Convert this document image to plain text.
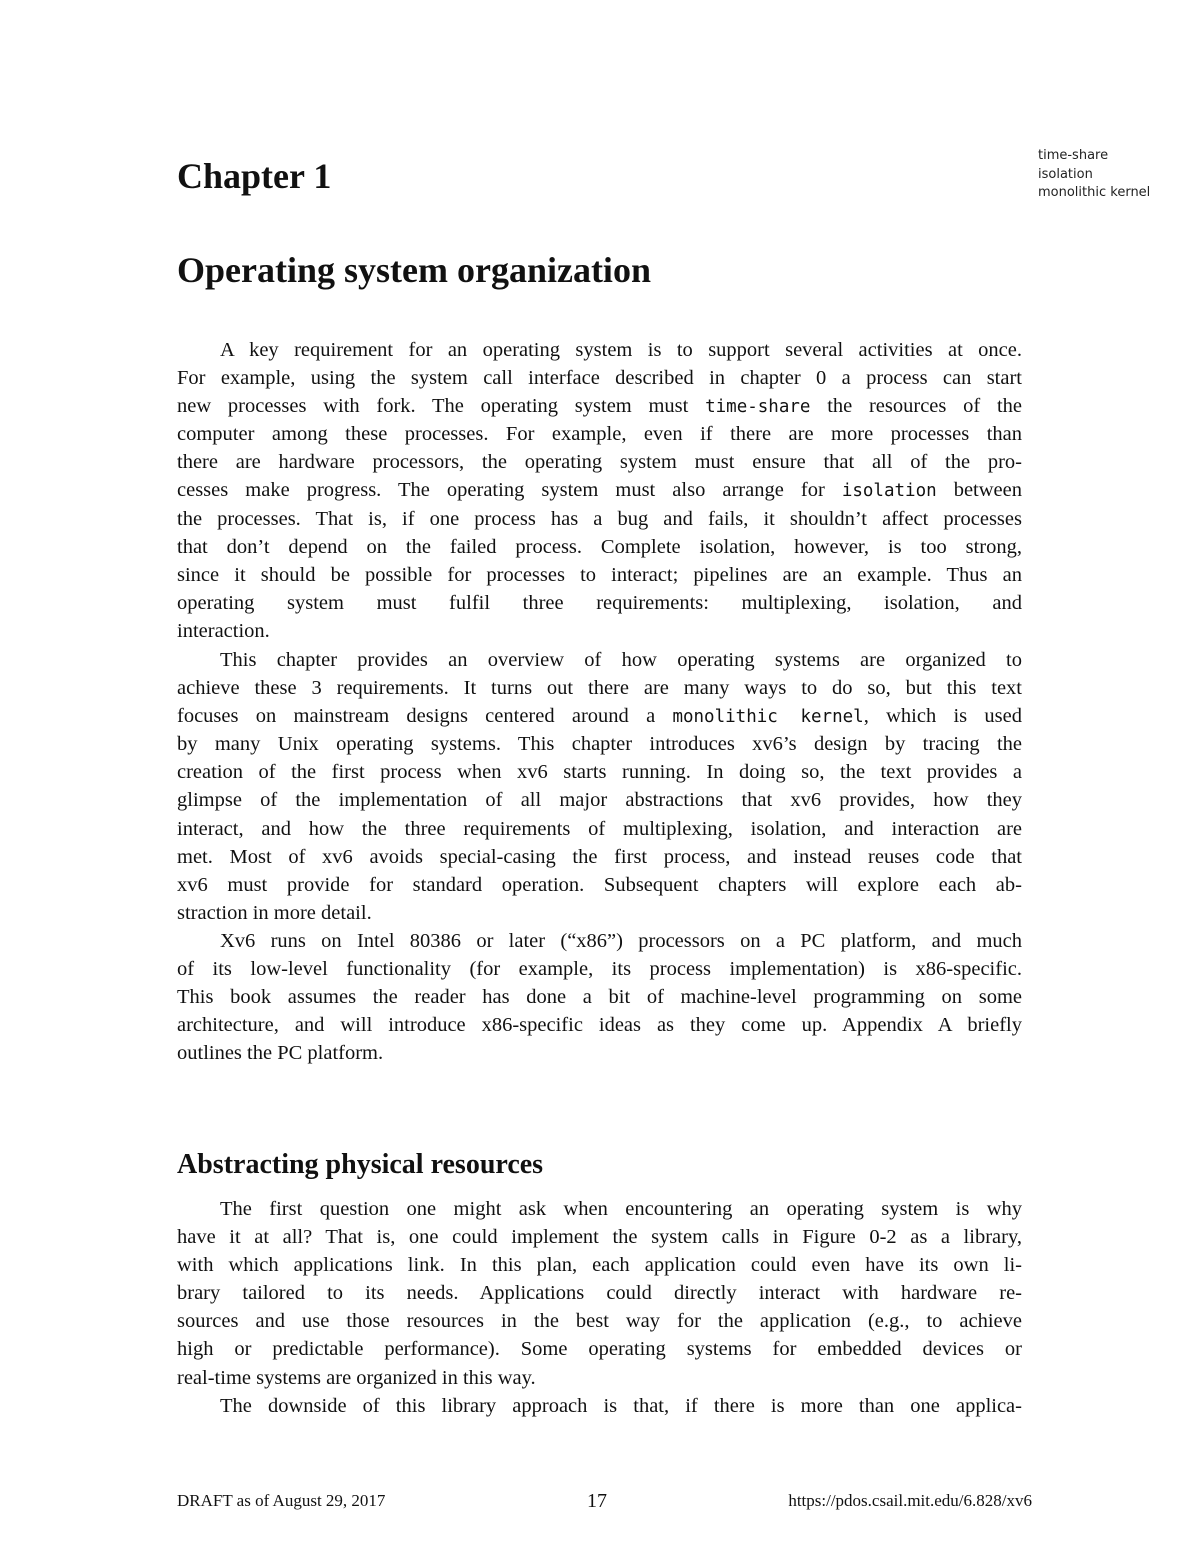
Chapter 1
Operating system organization
time-share
isolation
monolithic kernel
A key requirement for an operating system is to support several activities at once.
For example, using the system call interface described in chapter 0 a process can start
new processes with fork. The operating system must time-share the resources of the
computer among these processes. For example, even if there are more processes than
there are hardware processors, the operating system must ensure that all of the pro-
cesses make progress. The operating system must also arrange for isolation between
the processes. That is, if one process has a bug and fails, it shouldn’t affect processes
that don’t depend on the failed process. Complete isolation, however, is too strong,
since it should be possible for processes to interact; pipelines are an example. Thus an
operating system must fulfil three requirements: multiplexing, isolation, and
interaction.
This chapter provides an overview of how operating systems are organized to
achieve these 3 requirements. It turns out there are many ways to do so, but this text
focuses on mainstream designs centered around a monolithic kernel, which is used
by many Unix operating systems. This chapter introduces xv6’s design by tracing the
creation of the first process when xv6 starts running. In doing so, the text provides a
glimpse of the implementation of all major abstractions that xv6 provides, how they
interact, and how the three requirements of multiplexing, isolation, and interaction are
met. Most of xv6 avoids special-casing the first process, and instead reuses code that
xv6 must provide for standard operation. Subsequent chapters will explore each ab-
straction in more detail.
Xv6 runs on Intel 80386 or later (“x86”) processors on a PC platform, and much
of its low-level functionality (for example, its process implementation) is x86-specific.
This book assumes the reader has done a bit of machine-level programming on some
architecture, and will introduce x86-specific ideas as they come up. Appendix A briefly
outlines the PC platform.
Abstracting physical resources
The first question one might ask when encountering an operating system is why
have it at all? That is, one could implement the system calls in Figure 0-2 as a library,
with which applications link. In this plan, each application could even have its own li-
brary tailored to its needs. Applications could directly interact with hardware re-
sources and use those resources in the best way for the application (e.g., to achieve
high or predictable performance). Some operating systems for embedded devices or
real-time systems are organized in this way.
The downside of this library approach is that, if there is more than one applica-
DRAFT as of August 29, 2017	17	https://pdos.csail.mit.edu/6.828/xv6
